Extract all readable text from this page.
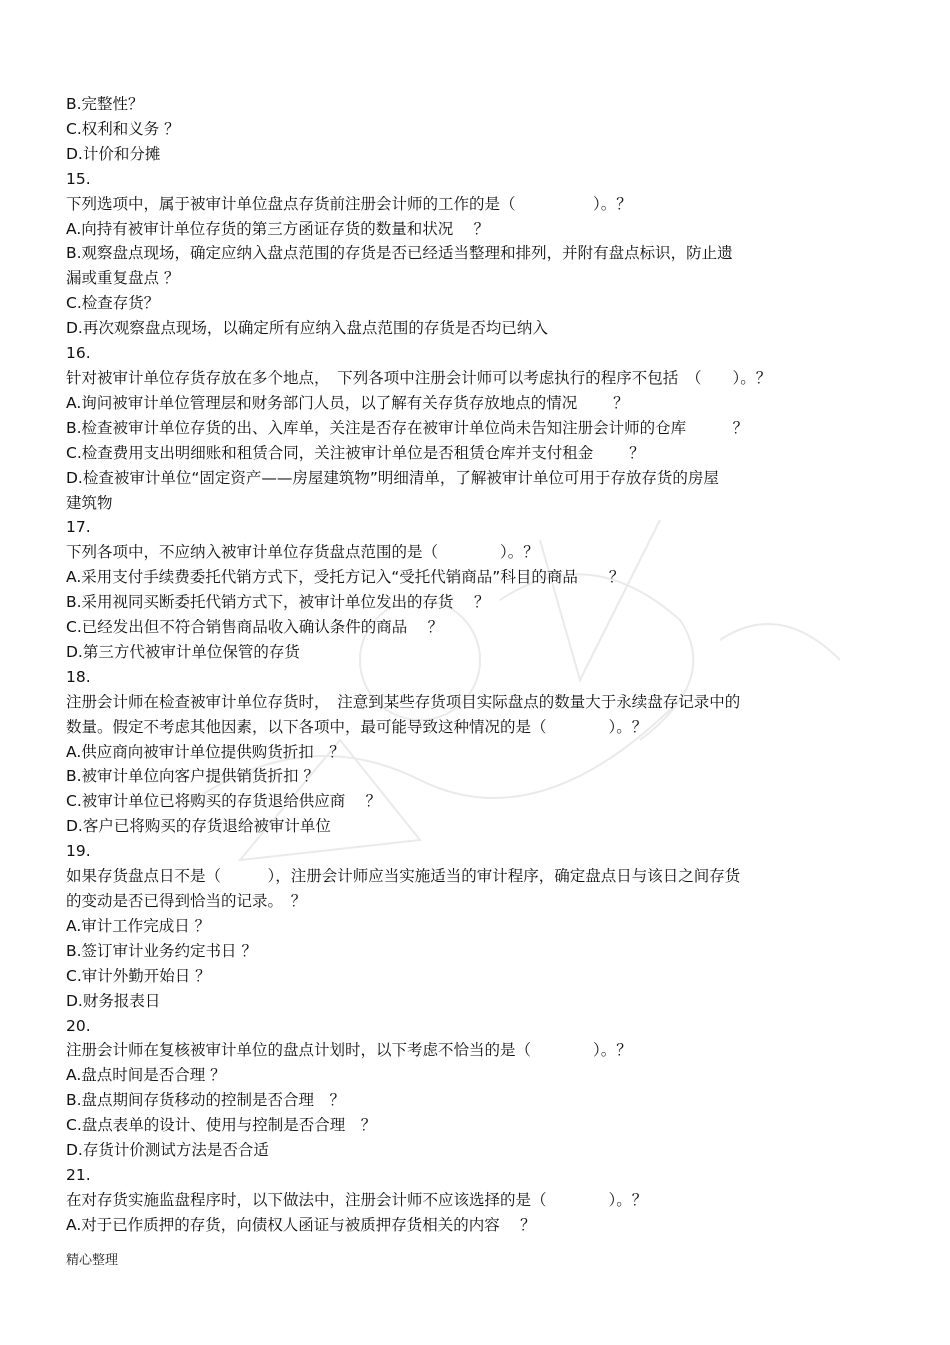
B.完整性？
C.权利和义务 ？
D.计价和分摊
15.
下列选项中，属于被审计单位盘点存货前注册会计师的工作的是（　　　　　）。？
A.向持有被审计单位存货的第三方函证存货的数量和状况　 ？
B.观察盘点现场，确定应纳入盘点范围的存货是否已经适当整理和排列，并附有盘点标识，防止遗
漏或重复盘点 ？
C.检查存货？
D.再次观察盘点现场，以确定所有应纳入盘点范围的存货是否均已纳入
16.
针对被审计单位存货存放在多个地点，　下列各项中注册会计师可以考虑执行的程序不包括　（　　）。？
A.询问被审计单位管理层和财务部门人员，以了解有关存货存放地点的情况　　 ？
B.检查被审计单位存货的出、入库单，关注是否存在被审计单位尚未告知注册会计师的仓库　　　？
C.检查费用支出明细账和租赁合同，关注被审计单位是否租赁仓库并支付租金　　 ？
D.检查被审计单位“固定资产——房屋建筑物”明细清单，了解被审计单位可用于存放存货的房屋
建筑物
17.
下列各项中，不应纳入被审计单位存货盘点范围的是（　　　　）。？
A.采用支付手续费委托代销方式下，受托方记入“受托代销商品”科目的商品　　？
B.采用视同买断委托代销方式下，被审计单位发出的存货　 ？
C.已经发出但不符合销售商品收入确认条件的商品　 ？
D.第三方代被审计单位保管的存货
18.
注册会计师在检查被审计单位存货时，　注意到某些存货项目实际盘点的数量大于永续盘存记录中的
数量。假定不考虑其他因素，以下各项中，最可能导致这种情况的是（　　　　）。？
A.供应商向被审计单位提供购货折扣　？
B.被审计单位向客户提供销货折扣 ？
C.被审计单位已将购买的存货退给供应商　 ？
D.客户已将购买的存货退给被审计单位
19.
如果存货盘点日不是（　　　），注册会计师应当实施适当的审计程序，确定盘点日与该日之间存货
的变动是否已得到恰当的记录。　？
A.审计工作完成日 ？
B.签订审计业务约定书日 ？
C.审计外勤开始日 ？
D.财务报表日
20.
注册会计师在复核被审计单位的盘点计划时，以下考虑不恰当的是（　　　　）。？
A.盘点时间是否合理 ？
B.盘点期间存货移动的控制是否合理　？
C.盘点表单的设计、使用与控制是否合理　？
D.存货计价测试方法是否合适
21.
在对存货实施监盘程序时，以下做法中，注册会计师不应该选择的是（　　　　）。？
A.对于已作质押的存货，向债权人函证与被质押存货相关的内容　 ？
精心整理
